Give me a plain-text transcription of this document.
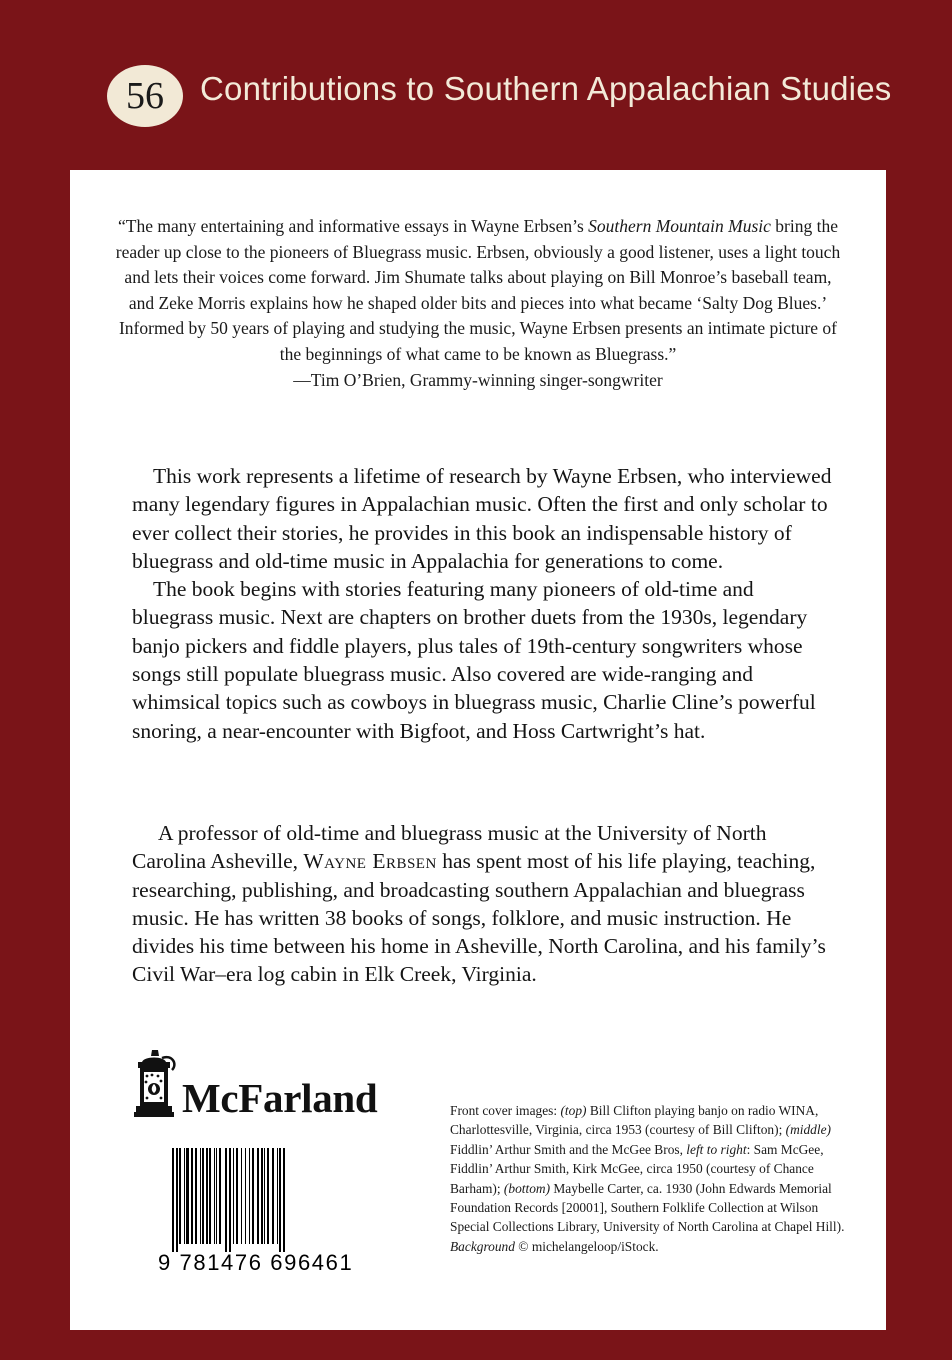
56 Contributions to Southern Appalachian Studies
“The many entertaining and informative essays in Wayne Erbsen’s Southern Mountain Music bring the reader up close to the pioneers of Bluegrass music. Erbsen, obviously a good listener, uses a light touch and lets their voices come forward. Jim Shumate talks about playing on Bill Monroe’s baseball team, and Zeke Morris explains how he shaped older bits and pieces into what became ‘Salty Dog Blues.’ Informed by 50 years of playing and studying the music, Wayne Erbsen presents an intimate picture of the beginnings of what came to be known as Bluegrass.”
—Tim O’Brien, Grammy-winning singer-songwriter

This work represents a lifetime of research by Wayne Erbsen, who interviewed many legendary figures in Appalachian music. Often the first and only scholar to ever collect their stories, he provides in this book an indispensable history of bluegrass and old-time music in Appalachia for generations to come.

The book begins with stories featuring many pioneers of old-time and bluegrass music. Next are chapters on brother duets from the 1930s, legendary banjo pickers and fiddle players, plus tales of 19th-century songwriters whose songs still populate bluegrass music. Also covered are wide-ranging and whimsical topics such as cowboys in bluegrass music, Charlie Cline’s powerful snoring, a near-encounter with Bigfoot, and Hoss Cartwright’s hat.

A professor of old-time and bluegrass music at the University of North Carolina Asheville, Wayne Erbsen has spent most of his life playing, teaching, researching, publishing, and broadcasting southern Appalachian and bluegrass music. He has written 38 books of songs, folklore, and music instruction. He divides his time between his home in Asheville, North Carolina, and his family’s Civil War–era log cabin in Elk Creek, Virginia.

McFarland
9 781476 696461
Front cover images: (top) Bill Clifton playing banjo on radio WINA, Charlottesville, Virginia, circa 1953 (courtesy of Bill Clifton); (middle) Fiddlin’ Arthur Smith and the McGee Bros, left to right: Sam McGee, Fiddlin’ Arthur Smith, Kirk McGee, circa 1950 (courtesy of Chance Barham); (bottom) Maybelle Carter, ca. 1930 (John Edwards Memorial Foundation Records [20001], Southern Folklife Collection at Wilson Special Collections Library, University of North Carolina at Chapel Hill). Background © michelangeloop/iStock.
